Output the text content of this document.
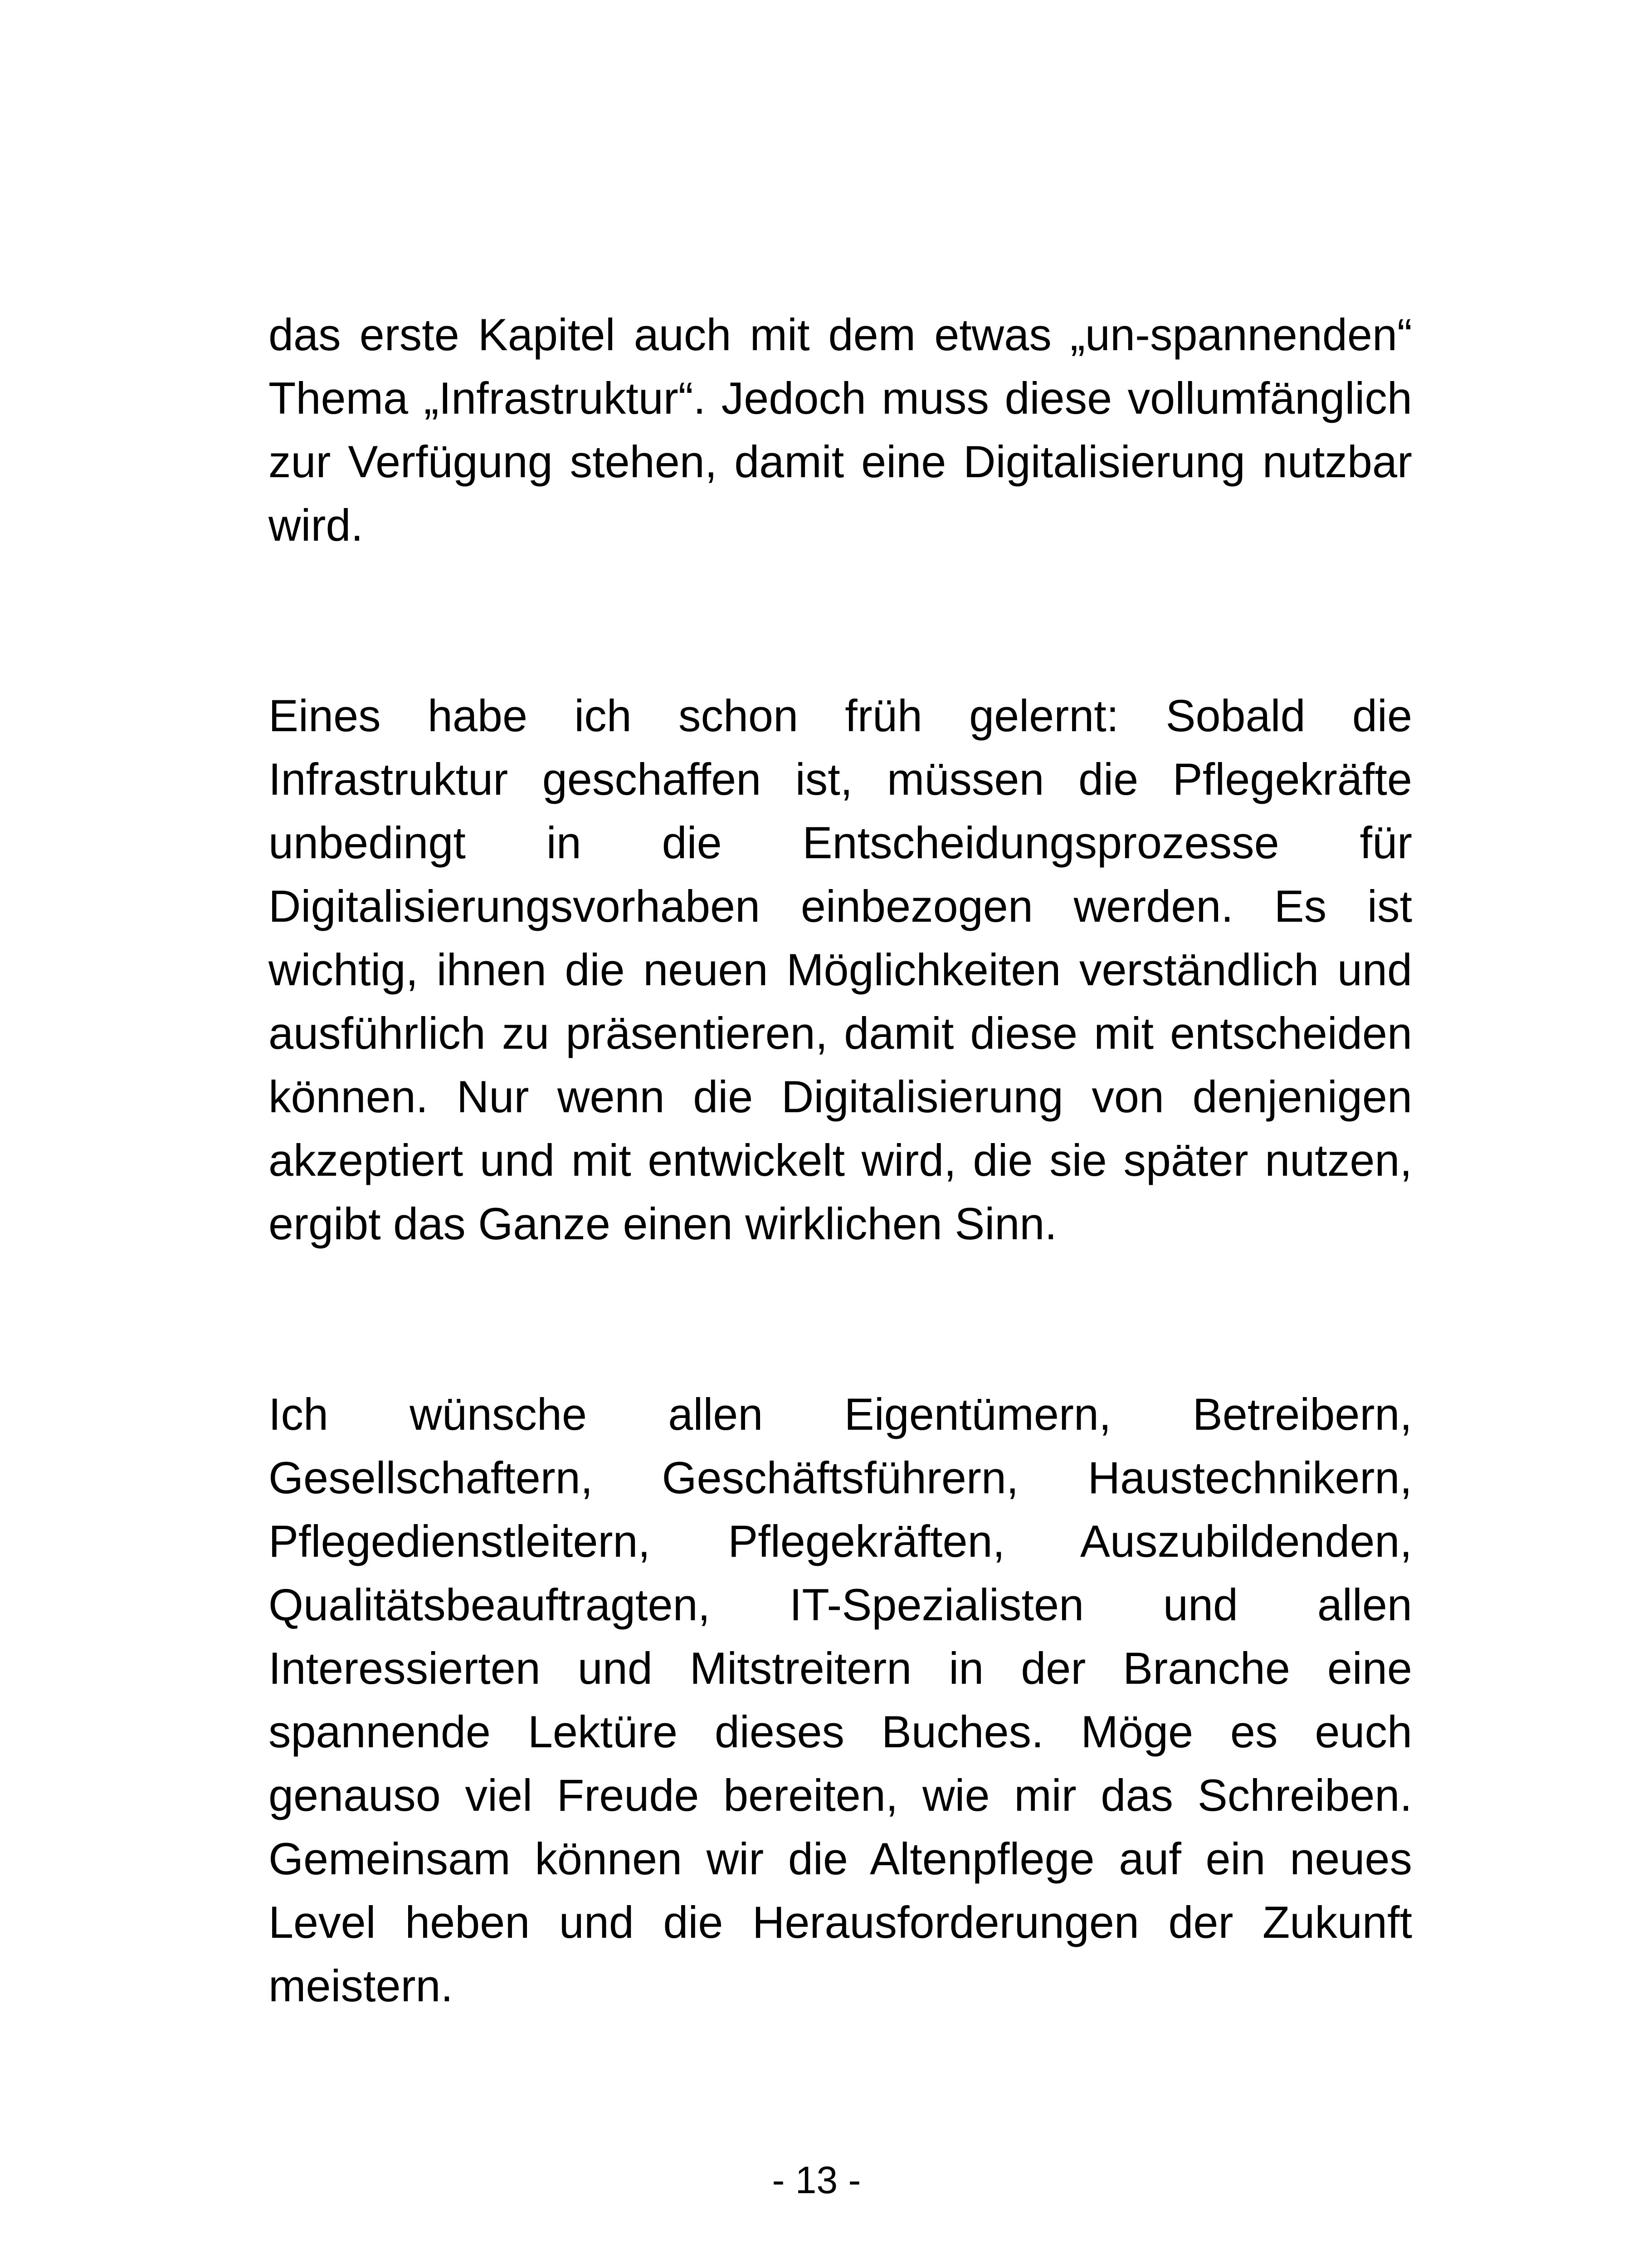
das erste Kapitel auch mit dem etwas „un-spannenden“ Thema „Infrastruktur“. Jedoch muss diese vollumfänglich zur Verfügung stehen, damit eine Digitalisierung nutzbar wird.

Eines habe ich schon früh gelernt: Sobald die Infrastruktur geschaffen ist, müssen die Pflegekräfte unbedingt in die Entscheidungsprozesse für Digitalisierungsvorhaben einbezogen werden. Es ist wichtig, ihnen die neuen Möglichkeiten verständlich und ausführlich zu präsentieren, damit diese mit entscheiden können. Nur wenn die Digitalisierung von denjenigen akzeptiert und mit entwickelt wird, die sie später nutzen, ergibt das Ganze einen wirklichen Sinn.

Ich wünsche allen Eigentümern, Betreibern, Gesellschaftern, Geschäftsführern, Haustechnikern, Pflegedienstleitern, Pflegekräften, Auszubildenden, Qualitätsbeauftragten, IT-Spezialisten und allen Interessierten und Mitstreitern in der Branche eine spannende Lektüre dieses Buches. Möge es euch genauso viel Freude bereiten, wie mir das Schreiben. Gemeinsam können wir die Altenpflege auf ein neues Level heben und die Herausforderungen der Zukunft meistern.

- 13 -
